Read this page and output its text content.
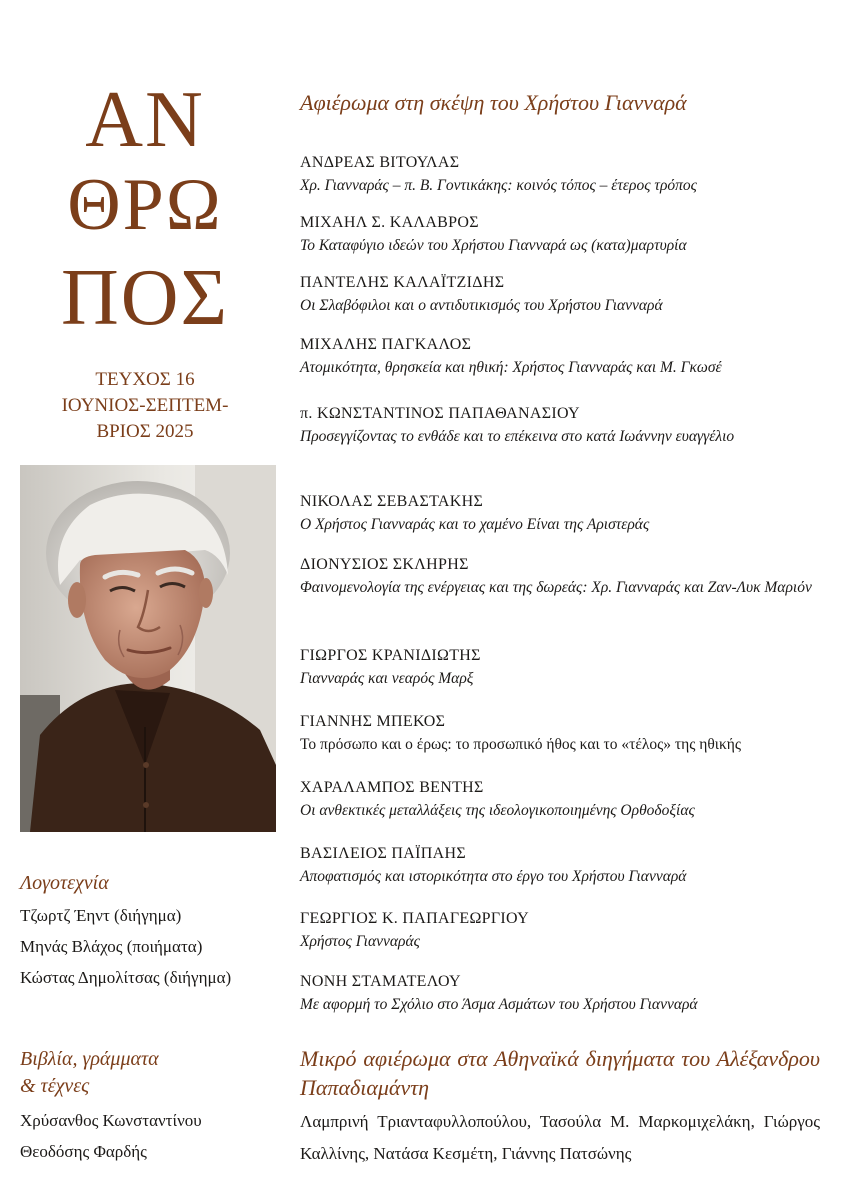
ΑΝ
ΘΡΩ
ΠΟΣ
ΤΕΥΧΟΣ 16
ΙΟΥΝΙΟΣ-ΣΕΠΤΕΜ-
ΒΡΙΟΣ 2025
Λογοτεχνία
Τζωρτζ Έηντ (διήγημα)
Μηνάς Βλάχος (ποιήματα)
Κώστας Δημολίτσας (διήγημα)
Βιβλία, γράμματα
& τέχνες
Χρύσανθος Κωνσταντίνου
Θεοδόσης Φαρδής
Αφιέρωμα στη σκέψη του Χρήστου Γιανναρά
ΑΝΔΡΕΑΣ ΒΙΤΟΥΛΑΣ
Χρ. Γιανναράς – π. Β. Γοντικάκης: κοινός τόπος – έτερος τρόπος
ΜΙΧΑΗΛ Σ. ΚΑΛΑΒΡΟΣ
Το Καταφύγιο ιδεών του Χρήστου Γιανναρά ως (κατα)μαρτυρία
ΠΑΝΤΕΛΗΣ ΚΑΛΑΪΤΖΙΔΗΣ
Οι Σλαβόφιλοι και ο αντιδυτικισμός του Χρήστου Γιανναρά
ΜΙΧΑΛΗΣ ΠΑΓΚΑΛΟΣ
Ατομικότητα, θρησκεία και ηθική: Χρήστος Γιανναράς και Μ. Γκωσέ
π. ΚΩΝΣΤΑΝΤΙΝΟΣ ΠΑΠΑΘΑΝΑΣΙΟΥ
Προσεγγίζοντας το ενθάδε και το επέκεινα στο κατά Ιωάννην ευαγγέλιο
ΝΙΚΟΛΑΣ ΣΕΒΑΣΤΑΚΗΣ
Ο Χρήστος Γιανναράς και το χαμένο Είναι της Αριστεράς
ΔΙΟΝΥΣΙΟΣ ΣΚΛΗΡΗΣ
Φαινομενολογία της ενέργειας και της δωρεάς: Χρ. Γιανναράς και Ζαν-Λυκ Μαριόν
ΓΙΩΡΓΟΣ ΚΡΑΝΙΔΙΩΤΗΣ
Γιανναράς και νεαρός Μαρξ
ΓΙΑΝΝΗΣ ΜΠΕΚΟΣ
Το πρόσωπο και ο έρως: το προσωπικό ήθος και το «τέλος» της ηθικής
ΧΑΡΑΛΑΜΠΟΣ ΒΕΝΤΗΣ
Οι ανθεκτικές μεταλλάξεις της ιδεολογικοποιημένης Ορθοδοξίας
ΒΑΣΙΛΕΙΟΣ ΠΑΪΠΑΗΣ
Αποφατισμός και ιστορικότητα στο έργο του Χρήστου Γιανναρά
ΓΕΩΡΓΙΟΣ Κ. ΠΑΠΑΓΕΩΡΓΙΟΥ
Χρήστος Γιανναράς
ΝΟΝΗ ΣΤΑΜΑΤΕΛΟΥ
Με αφορμή το Σχόλιο στο Άσμα Ασμάτων του Χρήστου Γιανναρά
Μικρό αφιέρωμα στα Αθηναϊκά διηγήματα του Αλέξανδρου Παπαδιαμάντη
Λαμπρινή Τριανταφυλλοπούλου, Τασούλα Μ. Μαρκομιχελάκη, Γιώργος Καλλίνης, Νατάσα Κεσμέτη, Γιάννης Πατσώνης
